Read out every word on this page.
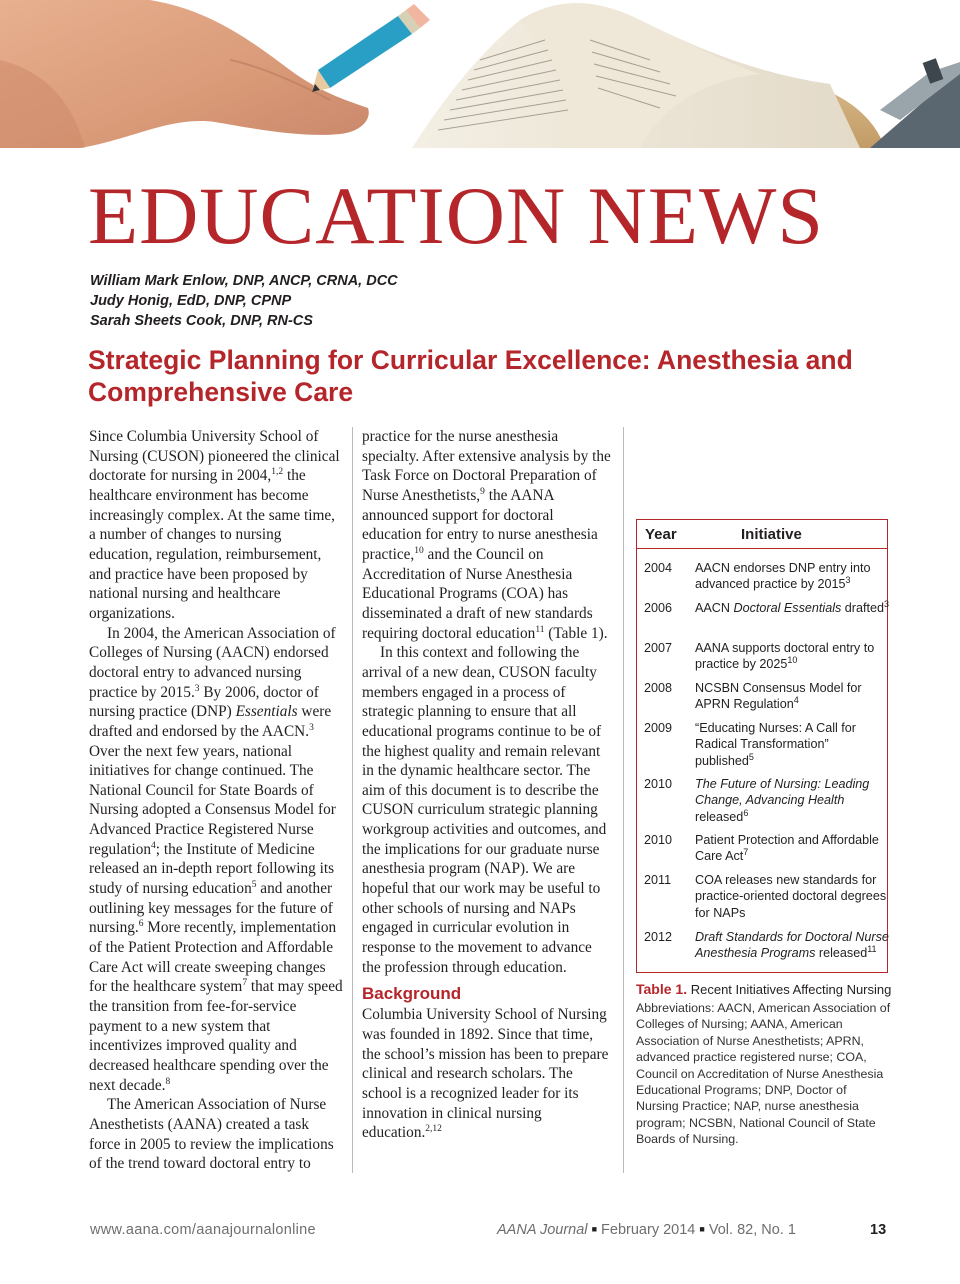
EDUCATION NEWS
William Mark Enlow, DNP, ANCP, CRNA, DCC
Judy Honig, EdD, DNP, CPNP
Sarah Sheets Cook, DNP, RN-CS
Strategic Planning for Curricular Excellence: Anesthesia and Comprehensive Care

Since Columbia University School of Nursing (CUSON) pioneered the clinical doctorate for nursing in 2004,$^{1,2}$ the healthcare environment has become increasingly complex. At the same time, a number of changes to nursing education, regulation, reimbursement, and practice have been proposed by national nursing and healthcare organizations.

In 2004, the American Association of Colleges of Nursing (AACN) endorsed doctoral entry to advanced nursing practice by 2015.$^3$ By 2006, doctor of nursing practice (DNP) Essentials were drafted and endorsed by the AACN.$^3$ Over the next few years, national initiatives for change continued. The National Council for State Boards of Nursing adopted a Consensus Model for Advanced Practice Registered Nurse regulation$^4$; the Institute of Medicine released an in-depth report following its study of nursing education$^5$ and another outlining key messages for the future of nursing.$^6$ More recently, implementation of the Patient Protection and Affordable Care Act will create sweeping changes for the healthcare system$^7$ that may speed the transition from fee-for-service payment to a new system that incentivizes improved quality and decreased healthcare spending over the next decade.$^8$

The American Association of Nurse Anesthetists (AANA) created a task force in 2005 to review the implications of the trend toward doctoral entry to

practice for the nurse anesthesia specialty. After extensive analysis by the Task Force on Doctoral Preparation of Nurse Anesthetists,$^9$ the AANA announced support for doctoral education for entry to nurse anesthesia practice,$^{10}$ and the Council on Accreditation of Nurse Anesthesia Educational Programs (COA) has disseminated a draft of new standards requiring doctoral education$^{11}$ (Table 1).

In this context and following the arrival of a new dean, CUSON faculty members engaged in a process of strategic planning to ensure that all educational programs continue to be of the highest quality and remain relevant in the dynamic healthcare sector. The aim of this document is to describe the CUSON curriculum strategic planning workgroup activities and outcomes, and the implications for our graduate nurse anesthesia program (NAP). We are hopeful that our work may be useful to other schools of nursing and NAPs engaged in curricular evolution in response to the movement to advance the profession through education.

Background

Columbia University School of Nursing was founded in 1892. Since that time, the school’s mission has been to prepare clinical and research scholars. The school is a recognized leader for its innovation in clinical nursing education.$^{2,12}$

Year	Initiative
2004 AACN endorses DNP entry into advanced practice by 2015$^3$
2006 AACN Doctoral Essentials drafted$^3$
2007 AANA supports doctoral entry to practice by 2025$^{10}$
2008 NCSBN Consensus Model for APRN Regulation$^4$
2009 “Educating Nurses: A Call for Radical Transformation” published$^5$
2010 The Future of Nursing: Leading Change, Advancing Health released$^6$
2010 Patient Protection and Affordable Care Act$^7$
2011 COA releases new standards for practice-oriented doctoral degrees for NAPs
2012 Draft Standards for Doctoral Nurse Anesthesia Programs released$^{11}$
Table 1. Recent Initiatives Affecting Nursing
Abbreviations: AACN, American Association of Colleges of Nursing; AANA, American Association of Nurse Anesthetists; APRN, advanced practice registered nurse; COA, Council on Accreditation of Nurse Anesthesia Educational Programs; DNP, Doctor of Nursing Practice; NAP, nurse anesthesia program; NCSBN, National Council of State Boards of Nursing.
www.aana.com/aanajournalonline	AANA Journal ■ February 2014 ■ Vol. 82, No. 1	13
